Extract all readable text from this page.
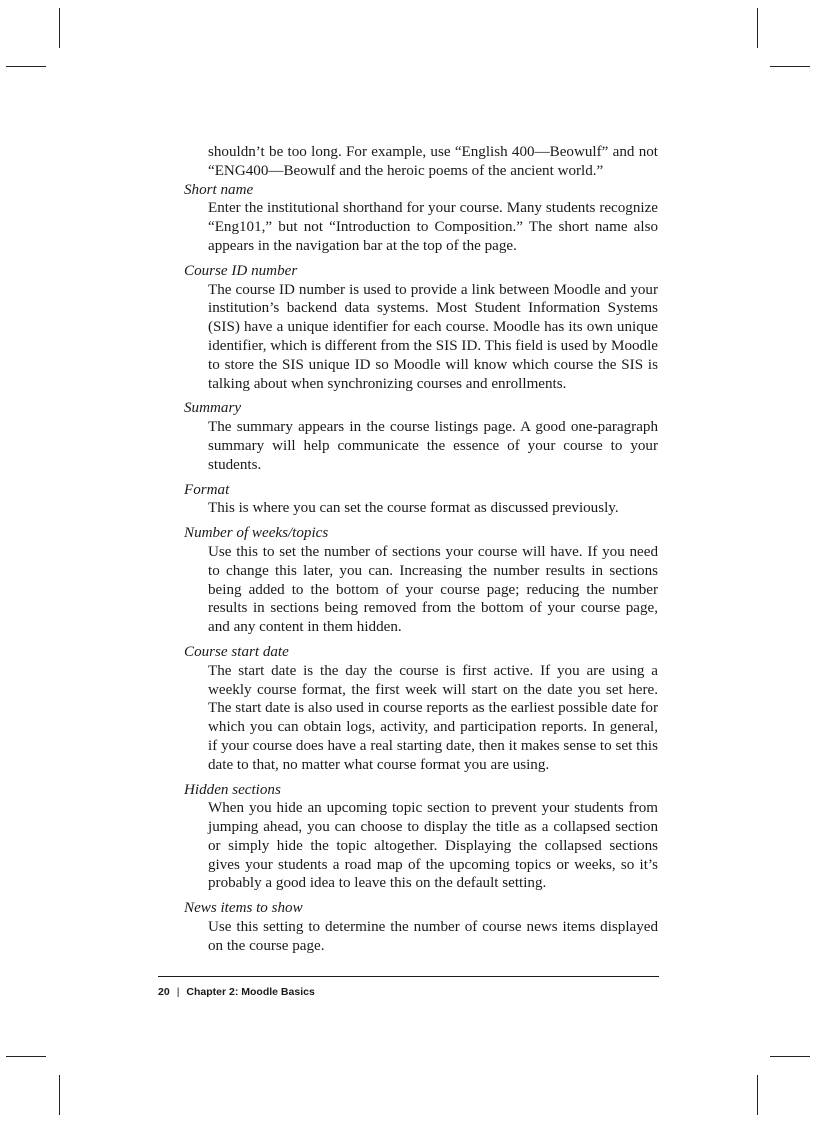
shouldn’t be too long. For example, use “English 400—Beowulf” and not “ENG400—Beowulf and the heroic poems of the ancient world.”

Short name

Enter the institutional shorthand for your course. Many students recognize “Eng101,” but not “Introduction to Composition.” The short name also appears in the navigation bar at the top of the page.

Course ID number

The course ID number is used to provide a link between Moodle and your institution’s backend data systems. Most Student Information Systems (SIS) have a unique identifier for each course. Moodle has its own unique identifier, which is different from the SIS ID. This field is used by Moodle to store the SIS unique ID so Moodle will know which course the SIS is talking about when synchronizing courses and enrollments.

Summary

The summary appears in the course listings page. A good one-paragraph summary will help communicate the essence of your course to your students.

Format

This is where you can set the course format as discussed previously.

Number of weeks/topics

Use this to set the number of sections your course will have. If you need to change this later, you can. Increasing the number results in sections being added to the bottom of your course page; reducing the number results in sections being removed from the bottom of your course page, and any content in them hidden.

Course start date

The start date is the day the course is first active. If you are using a weekly course format, the first week will start on the date you set here. The start date is also used in course reports as the earliest possible date for which you can obtain logs, activity, and participation reports. In general, if your course does have a real starting date, then it makes sense to set this date to that, no matter what course format you are using.

Hidden sections

When you hide an upcoming topic section to prevent your students from jumping ahead, you can choose to display the title as a collapsed section or simply hide the topic altogether. Displaying the collapsed sections gives your students a road map of the upcoming topics or weeks, so it’s probably a good idea to leave this on the default setting.

News items to show

Use this setting to determine the number of course news items displayed on the course page.

20 | Chapter 2: Moodle Basics
